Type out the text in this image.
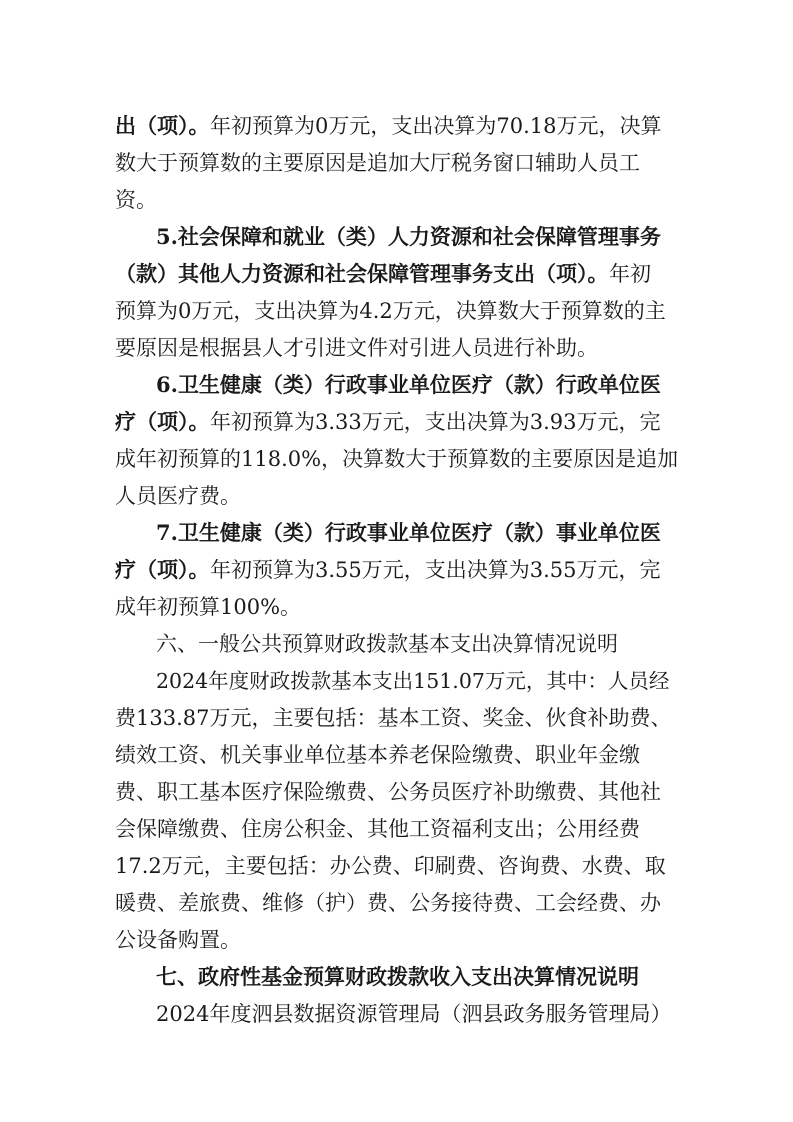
出（项）。 年初预算为0万元，支出决算为70.18万元，决算
数大于预算数的主要原因是追加大厅税务窗口辅助人员工
资。
5.社会保障和就业（类）人力资源和社会保障管理事务
（款）其他人力资源和社会保障管理事务支出（项）。 年初
预算为0万元，支出决算为4.2万元，决算数大于预算数的主
要原因是根据县人才引进文件对引进人员进行补助。
6.卫生健康（类）行政事业单位医疗（款）行政单位医
疗（项）。 年初预算为3.33万元，支出决算为3.93万元，完
成年初预算的118.0%，决算数大于预算数的主要原因是追加
人员医疗费。
7.卫生健康（类）行政事业单位医疗（款）事业单位医
疗（项）。 年初预算为3.55万元，支出决算为3.55万元，完
成年初预算100%。
六、一般公共预算财政拨款基本支出决算情况说明
2024年度财政拨款基本支出151.07万元，其中：人员经
费133.87万元，主要包括：基本工资、奖金、伙食补助费、
绩效工资、机关事业单位基本养老保险缴费、职业年金缴
费、职工基本医疗保险缴费、公务员医疗补助缴费、其他社
会保障缴费、住房公积金、其他工资福利支出；公用经费
17.2万元，主要包括：办公费、印刷费、咨询费、水费、取
暖费、差旅费、维修（护）费、公务接待费、工会经费、办
公设备购置。
七、政府性基金预算财政拨款收入支出决算情况说明
2024年度泗县数据资源管理局（泗县政务服务管理局）
